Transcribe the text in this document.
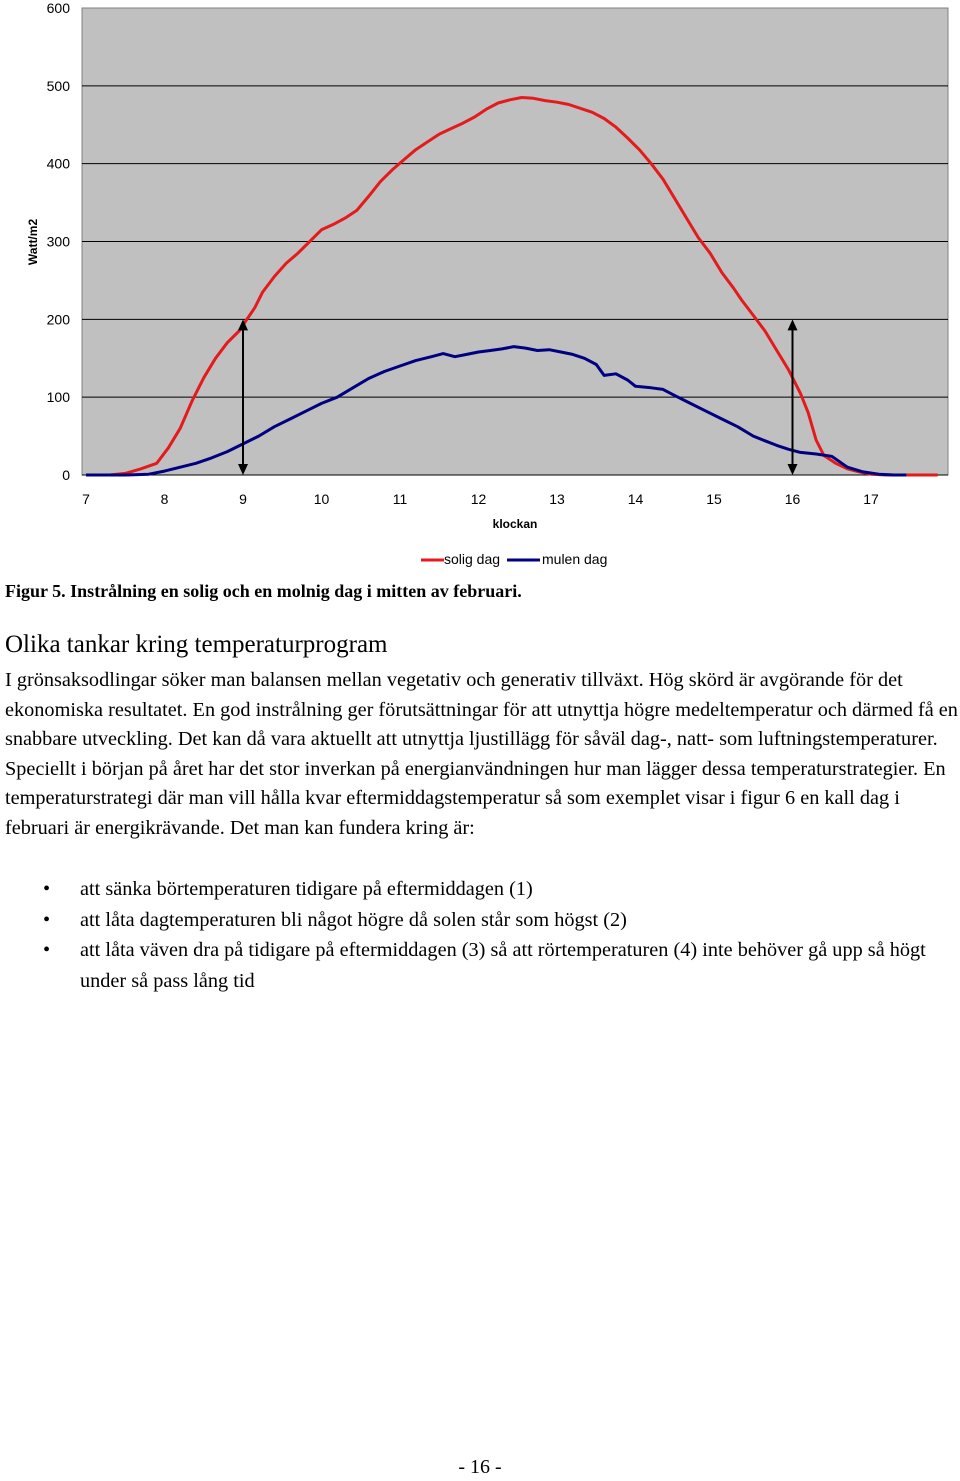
0
100
200
300
400
500
600
7	8	9	10	11	12	13	14	15	16	17
Watt/m2
klockan
solig dag	mulen dag
Figur 5. Instrålning en solig och en molnig dag i mitten av februari.
Olika tankar kring temperaturprogram

I grönsaksodlingar söker man balansen mellan vegetativ och generativ tillväxt. Hög skörd är avgörande för det ekonomiska resultatet. En god instrålning ger förutsättningar för att utnyttja högre medeltemperatur och därmed få en snabbare utveckling. Det kan då vara aktuellt att utnyttja ljustillägg för såväl dag-, natt- som luftningstemperaturer. Speciellt i början på året har det stor inverkan på energianvändningen hur man lägger dessa temperaturstrategier. En temperaturstrategi där man vill hålla kvar eftermiddagstemperatur så som exemplet visar i figur 6 en kall dag i februari är energikrävande. Det man kan fundera kring är:

• att sänka börtemperaturen tidigare på eftermiddagen (1)
• att låta dagtemperaturen bli något högre då solen står som högst (2)
• att låta väven dra på tidigare på eftermiddagen (3) så att rörtemperaturen (4) inte behöver gå upp så högt under så pass lång tid
- 16 -
